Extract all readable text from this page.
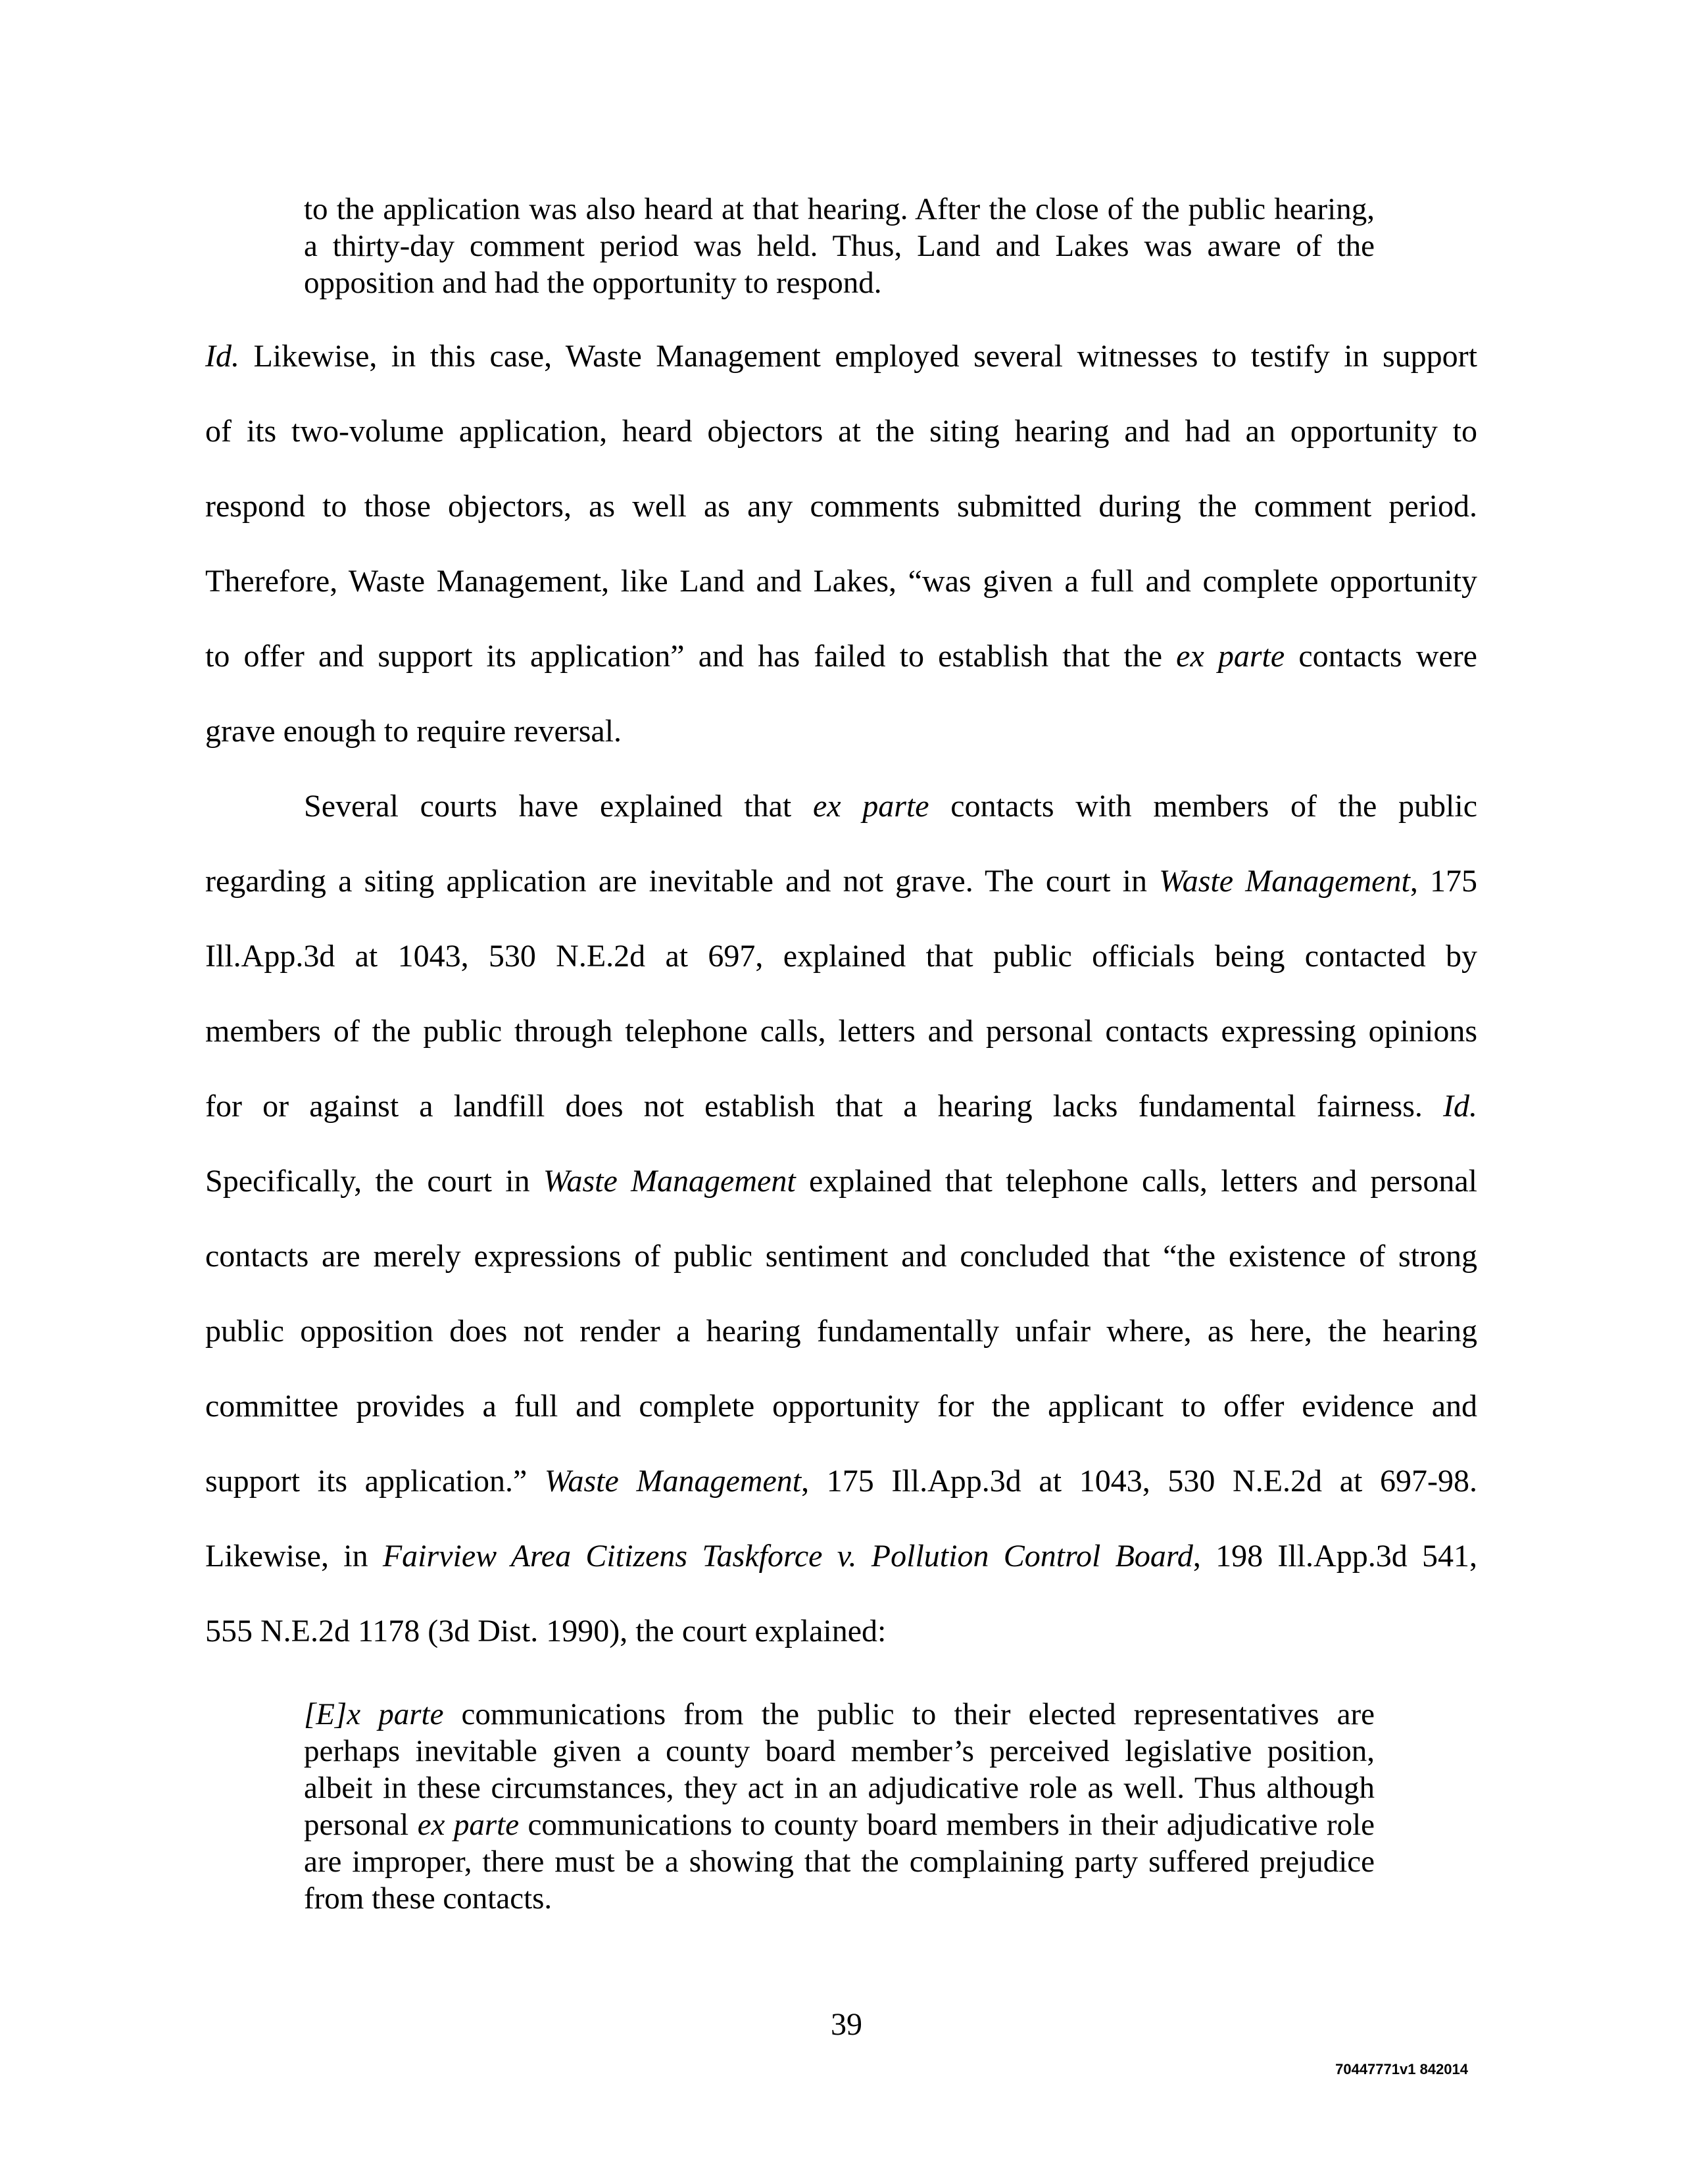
to the application was also heard at that hearing. After the close of the public hearing, a thirty-day comment period was held. Thus, Land and Lakes was aware of the opposition and had the opportunity to respond.

Id. Likewise, in this case, Waste Management employed several witnesses to testify in support

of its two-volume application, heard objectors at the siting hearing and had an opportunity to

respond to those objectors, as well as any comments submitted during the comment period.

Therefore, Waste Management, like Land and Lakes, “was given a full and complete opportunity

to offer and support its application” and has failed to establish that the ex parte contacts were

grave enough to require reversal.

Several courts have explained that ex parte contacts with members of the public

regarding a siting application are inevitable and not grave. The court in Waste Management, 175

Ill.App.3d at 1043, 530 N.E.2d at 697, explained that public officials being contacted by

members of the public through telephone calls, letters and personal contacts expressing opinions

for or against a landfill does not establish that a hearing lacks fundamental fairness. Id.

Specifically, the court in Waste Management explained that telephone calls, letters and personal

contacts are merely expressions of public sentiment and concluded that “the existence of strong

public opposition does not render a hearing fundamentally unfair where, as here, the hearing

committee provides a full and complete opportunity for the applicant to offer evidence and

support its application.” Waste Management, 175 Ill.App.3d at 1043, 530 N.E.2d at 697-98.

Likewise, in Fairview Area Citizens Taskforce v. Pollution Control Board, 198 Ill.App.3d 541,

555 N.E.2d 1178 (3d Dist. 1990), the court explained:

[E]x parte communications from the public to their elected representatives are perhaps inevitable given a county board member’s perceived legislative position, albeit in these circumstances, they act in an adjudicative role as well. Thus although personal ex parte communications to county board members in their adjudicative role are improper, there must be a showing that the complaining party suffered prejudice from these contacts.

39

70447771v1 842014
